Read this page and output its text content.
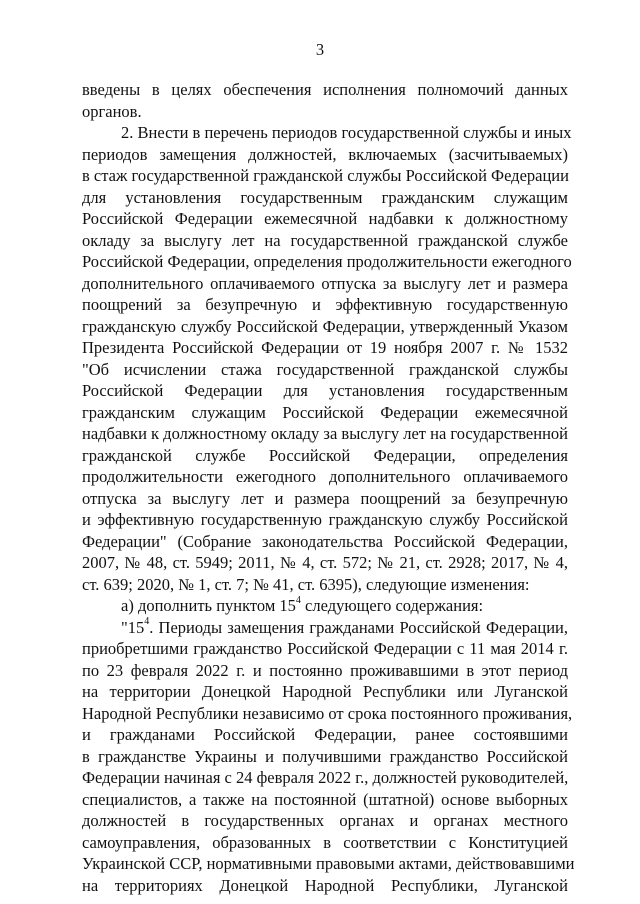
3
введены в целях обеспечения исполнения полномочий данных
органов.
2. Внести в перечень периодов государственной службы и иных
периодов замещения должностей, включаемых (засчитываемых)
в стаж государственной гражданской службы Российской Федерации
для установления государственным гражданским служащим
Российской Федерации ежемесячной надбавки к должностному
окладу за выслугу лет на государственной гражданской службе
Российской Федерации, определения продолжительности ежегодного
дополнительного оплачиваемого отпуска за выслугу лет и размера
поощрений за безупречную и эффективную государственную
гражданскую службу Российской Федерации, утвержденный Указом
Президента Российской Федерации от 19 ноября 2007 г. № 1532
"Об исчислении стажа государственной гражданской службы
Российской Федерации для установления государственным
гражданским служащим Российской Федерации ежемесячной
надбавки к должностному окладу за выслугу лет на государственной
гражданской службе Российской Федерации, определения
продолжительности ежегодного дополнительного оплачиваемого
отпуска за выслугу лет и размера поощрений за безупречную
и эффективную государственную гражданскую службу Российской
Федерации" (Собрание законодательства Российской Федерации,
2007, № 48, ст. 5949; 2011, № 4, ст. 572; № 21, ст. 2928; 2017, № 4,
ст. 639; 2020, № 1, ст. 7; № 41, ст. 6395), следующие изменения:
а) дополнить пунктом $15^4$ следующего содержания:
"$15^4$. Периоды замещения гражданами Российской Федерации,
приобретшими гражданство Российской Федерации с 11 мая 2014 г.
по 23 февраля 2022 г. и постоянно проживавшими в этот период
на территории Донецкой Народной Республики или Луганской
Народной Республики независимо от срока постоянного проживания,
и гражданами Российской Федерации, ранее состоявшими
в гражданстве Украины и получившими гражданство Российской
Федерации начиная с 24 февраля 2022 г., должностей руководителей,
специалистов, а также на постоянной (штатной) основе выборных
должностей в государственных органах и органах местного
самоуправления, образованных в соответствии с Конституцией
Украинской ССР, нормативными правовыми актами, действовавшими
на территориях Донецкой Народной Республики, Луганской
